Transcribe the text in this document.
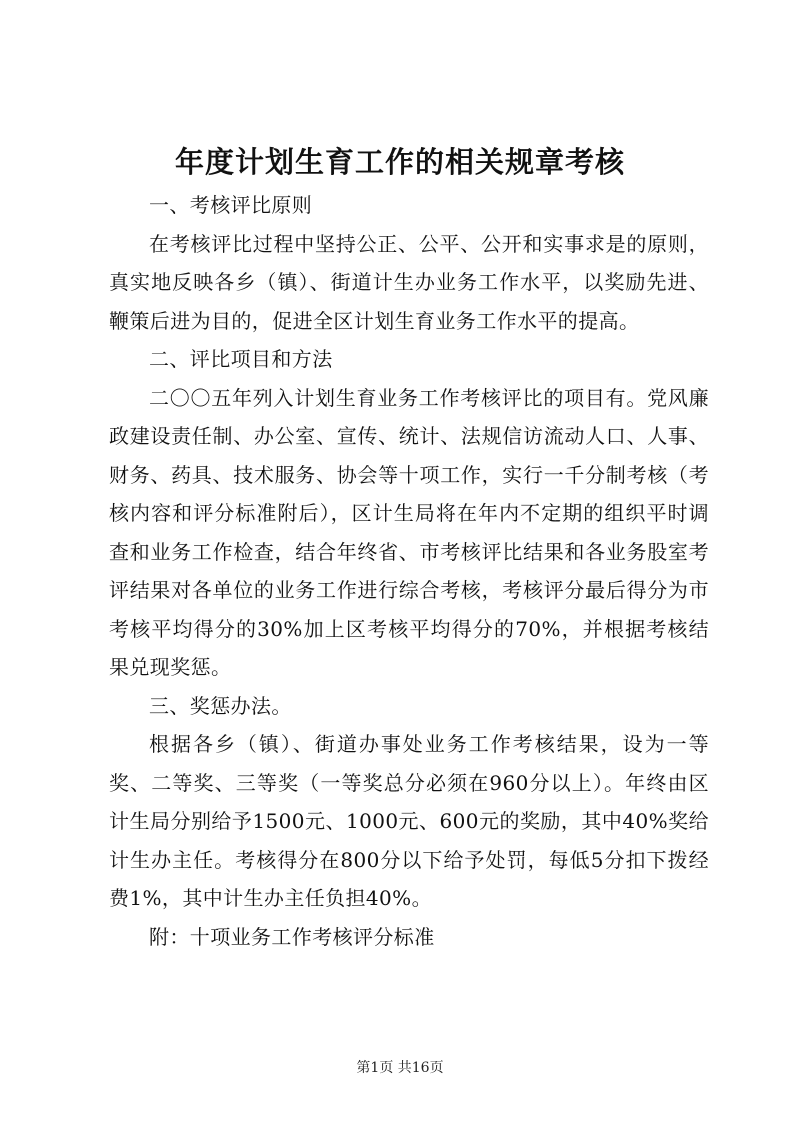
年度计划生育工作的相关规章考核

一、考核评比原则

在考核评比过程中坚持公正、公平、公开和实事求是的原则，真实地反映各乡（镇）、街道计生办业务工作水平，以奖励先进、鞭策后进为目的，促进全区计划生育业务工作水平的提高。

二、评比项目和方法

二〇〇五年列入计划生育业务工作考核评比的项目有。党风廉政建设责任制、办公室、宣传、统计、法规信访流动人口、人事、财务、药具、技术服务、协会等十项工作，实行一千分制考核（考核内容和评分标准附后），区计生局将在年内不定期的组织平时调查和业务工作检查，结合年终省、市考核评比结果和各业务股室考评结果对各单位的业务工作进行综合考核，考核评分最后得分为市考核平均得分的30%加上区考核平均得分的70%，并根据考核结果兑现奖惩。

三、奖惩办法。

根据各乡（镇）、街道办事处业务工作考核结果，设为一等奖、二等奖、三等奖（一等奖总分必须在960分以上）。年终由区计生局分别给予1500元、1000元、600元的奖励，其中40%奖给计生办主任。考核得分在800分以下给予处罚，每低5分扣下拨经费1%，其中计生办主任负担40%。

附：十项业务工作考核评分标准

第1页 共16页
